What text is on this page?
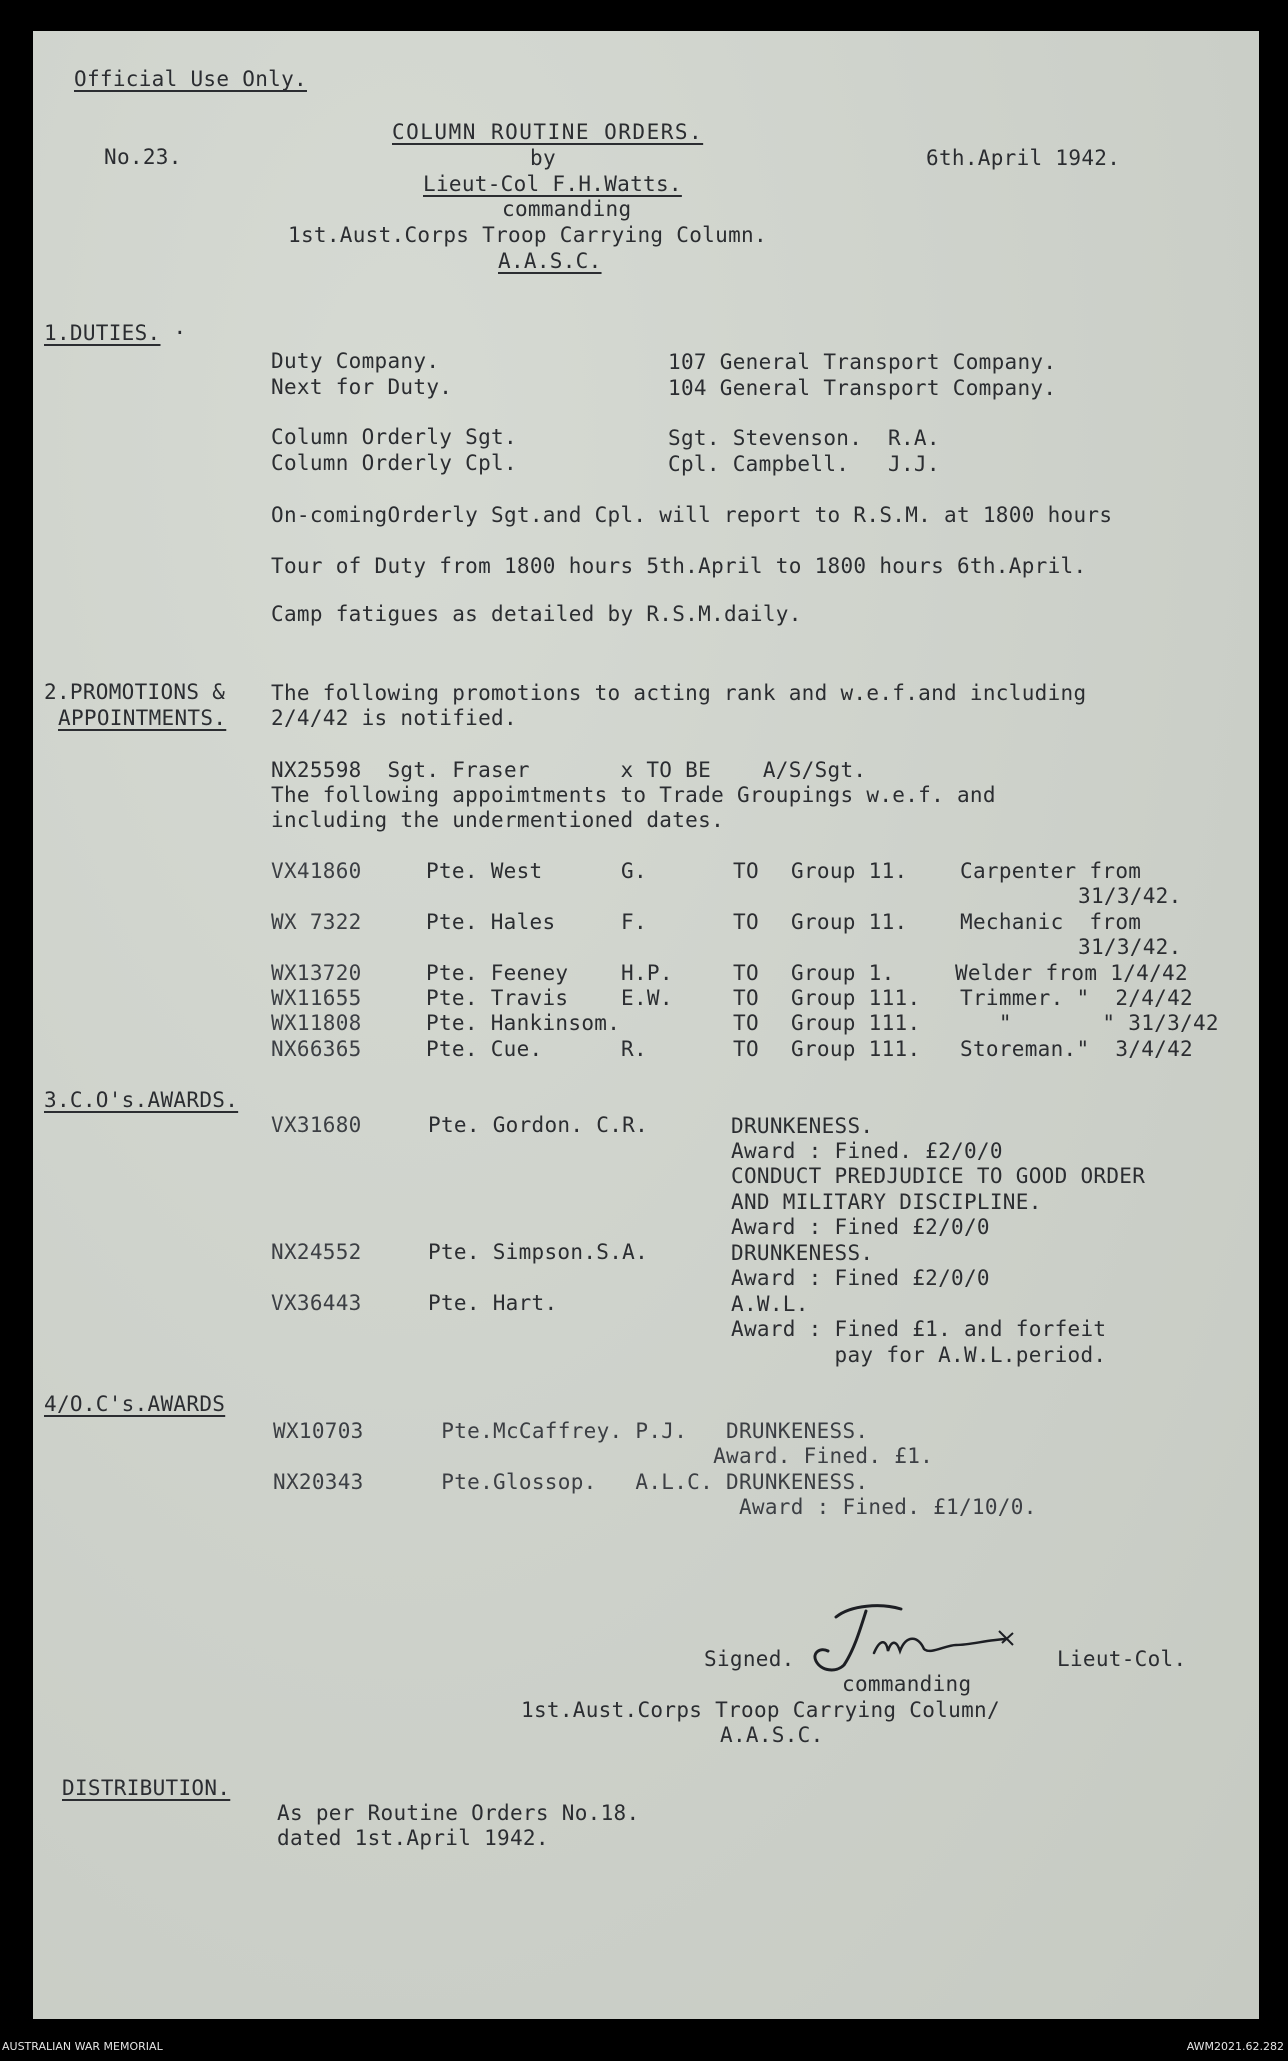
Official Use Only.
No.23.
COLUMN ROUTINE ORDERS.
by
Lieut-Col F.H.Watts.
commanding
1st.Aust.Corps Troop Carrying Column.
A.A.S.C.
6th.April 1942.
1.DUTIES. ·
Duty Company.	107 General Transport Company.
Next for Duty.	104 General Transport Company.
Column Orderly Sgt.	Sgt. Stevenson.  R.A.
Column Orderly Cpl.	Cpl. Campbell.   J.J.
On-comingOrderly Sgt.and Cpl. will report to R.S.M. at 1800 hours
Tour of Duty from 1800 hours 5th.April to 1800 hours 6th.April.
Camp fatigues as detailed by R.S.M.daily.
2.PROMOTIONS &
APPOINTMENTS.
The following promotions to acting rank and w.e.f.and including
2/4/42 is notified.
NX25598  Sgt. Fraser       x TO BE    A/S/Sgt.
The following appoimtments to Trade Groupings w.e.f. and
including the undermentioned dates.
VX41860	Pte. West	G.	TO Group 11.	Carpenter from
31/3/42.
WX 7322	Pte. Hales	F.	TO Group 11.	Mechanic  from
31/3/42.
WX13720	Pte. Feeney	H.P.	TO Group 1. Welder from 1/4/42
WX11655	Pte. Travis	E.W.	TO Group 111. Trimmer. "  2/4/42
WX11808	Pte. Hankinsom.	TO Group 111. "       " 31/3/42
NX66365	Pte. Cue.	R.	TO Group 111. Storeman."  3/4/42
3.C.O's.AWARDS.
VX31680	Pte. Gordon. C.R.	DRUNKENESS.
Award : Fined. £2/0/0
CONDUCT PREDJUDICE TO GOOD ORDER
AND MILITARY DISCIPLINE.
Award : Fined £2/0/0
NX24552	Pte. Simpson.S.A.	DRUNKENESS.
Award : Fined £2/0/0
VX36443	Pte. Hart.	A.W.L.
Award : Fined £1. and forfeit
pay for A.W.L.period.
4/O.C's.AWARDS
WX10703      Pte.McCaffrey. P.J.   DRUNKENESS.
Award. Fined. £1.
NX20343      Pte.Glossop.   A.L.C. DRUNKENESS.
Award : Fined. £1/10/0.
Signed.	Lieut-Col.
commanding
1st.Aust.Corps Troop Carrying Column/
A.A.S.C.
DISTRIBUTION.
As per Routine Orders No.18.
dated 1st.April 1942.
AUSTRALIAN WAR MEMORIAL	AWM2021.62.282
